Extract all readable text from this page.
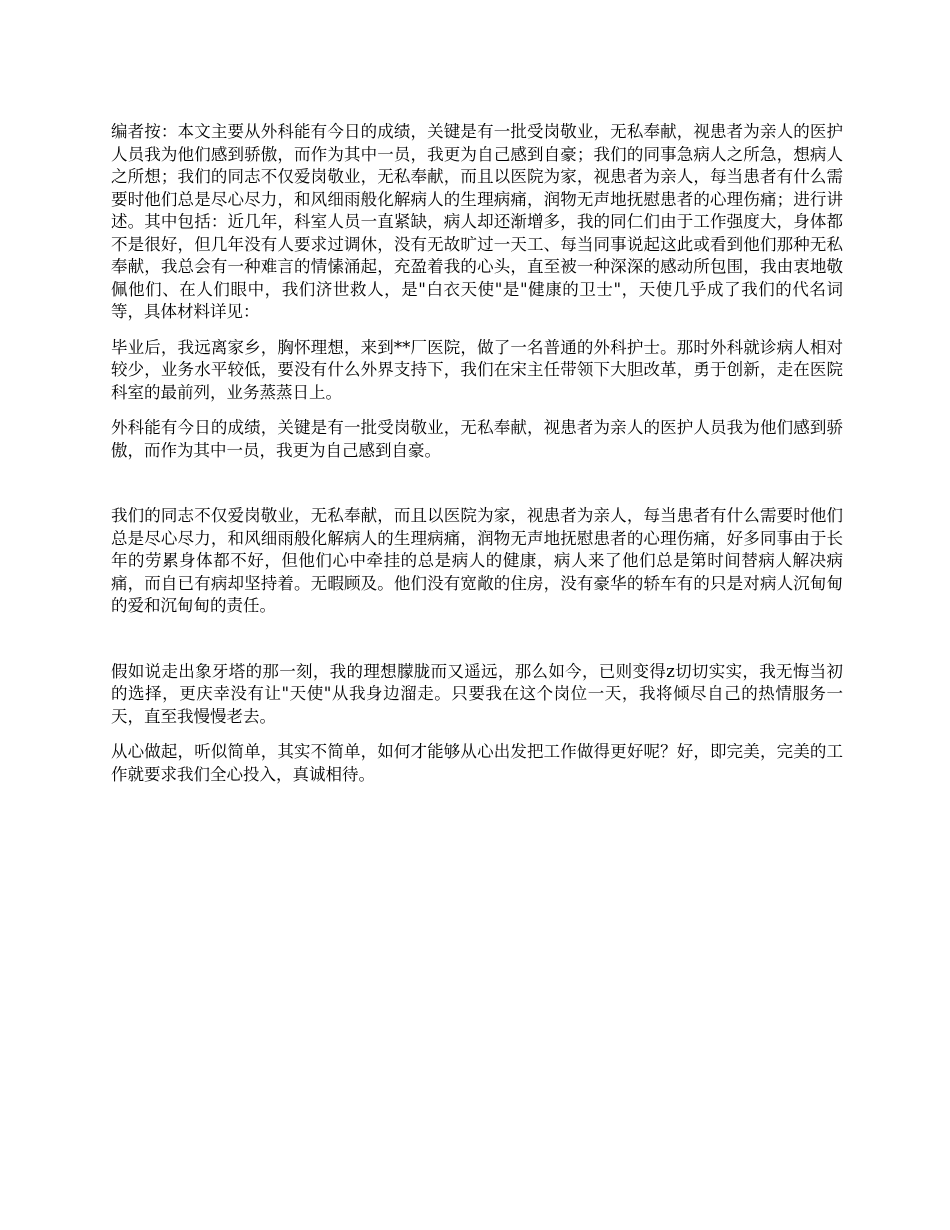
编者按：本文主要从外科能有今日的成绩，关键是有一批受岗敬业，无私奉献，视患者为亲人的医护人员我为他们感到骄傲，而作为其中一员，我更为自己感到自豪；我们的同事急病人之所急，想病人之所想；我们的同志不仅爱岗敬业，无私奉献，而且以医院为家，视患者为亲人，每当患者有什么需要时他们总是尽心尽力，和风细雨般化解病人的生理病痛，润物无声地抚慰患者的心理伤痛；进行讲述。其中包括：近几年，科室人员一直紧缺，病人却还渐增多，我的同仁们由于工作强度大，身体都不是很好，但几年没有人要求过调休，没有无故旷过一天工、每当同事说起这此或看到他们那种无私奉献，我总会有一种难言的情愫涌起，充盈着我的心头，直至被一种深深的感动所包围，我由衷地敬佩他们、在人们眼中，我们济世救人，是"白衣天使"是"健康的卫士"，天使几乎成了我们的代名词等，具体材料详见：

毕业后，我远离家乡，胸怀理想，来到**厂医院，做了一名普通的外科护士。那时外科就诊病人相对较少，业务水平较低，要没有什么外界支持下，我们在宋主任带领下大胆改革，勇于创新，走在医院科室的最前列，业务蒸蒸日上。

外科能有今日的成绩，关键是有一批受岗敬业，无私奉献，视患者为亲人的医护人员我为他们感到骄傲，而作为其中一员，我更为自己感到自豪。

我们的同志不仅爱岗敬业，无私奉献，而且以医院为家，视患者为亲人，每当患者有什么需要时他们总是尽心尽力，和风细雨般化解病人的生理病痛，润物无声地抚慰患者的心理伤痛，好多同事由于长年的劳累身体都不好，但他们心中牵挂的总是病人的健康，病人来了他们总是第时间替病人解决病痛，而自已有病却坚持着。无暇顾及。他们没有宽敞的住房，没有豪华的轿车有的只是对病人沉甸甸的爱和沉甸甸的责任。

假如说走出象牙塔的那一刻，我的理想朦胧而又遥远，那么如今，已则变得z切切实实，我无悔当初的选择，更庆幸没有让"天使"从我身边溜走。只要我在这个岗位一天，我将倾尽自己的热情服务一天，直至我慢慢老去。

从心做起，听似简单，其实不简单，如何才能够从心出发把工作做得更好呢？好，即完美，完美的工作就要求我们全心投入，真诚相待。
